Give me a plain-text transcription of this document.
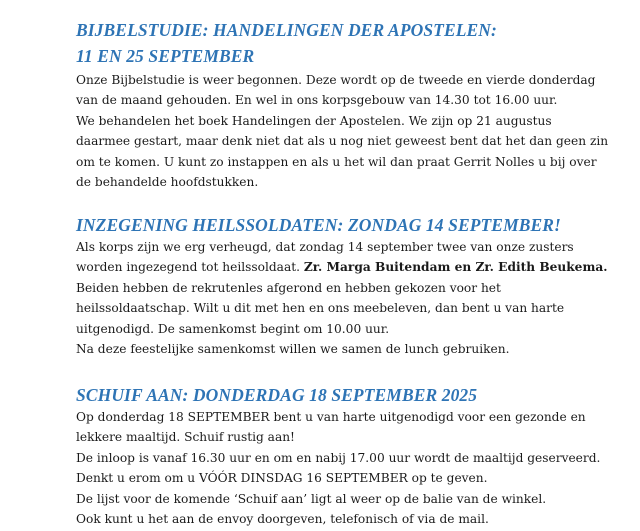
BIJBELSTUDIE: HANDELINGEN DER APOSTELEN:
11 EN 25 SEPTEMBER
Onze Bijbelstudie is weer begonnen. Deze wordt op de tweede en vierde donderdag
van de maand gehouden. En wel in ons korpsgebouw van 14.30 tot 16.00 uur.
We behandelen het boek Handelingen der Apostelen. We zijn op 21 augustus
daarmee gestart, maar denk niet dat als u nog niet geweest bent dat het dan geen zin
om te komen. U kunt zo instappen en als u het wil dan praat Gerrit Nolles u bij over
de behandelde hoofdstukken.
INZEGENING HEILSSOLDATEN: ZONDAG 14 SEPTEMBER!
Als korps zijn we erg verheugd, dat zondag 14 september twee van onze zusters
worden ingezegend tot heilssoldaat. Zr. Marga Buitendam en Zr. Edith Beukema.
Beiden hebben de rekrutenles afgerond en hebben gekozen voor het
heilssoldaatschap. Wilt u dit met hen en ons meebeleven, dan bent u van harte
uitgenodigd. De samenkomst begint om 10.00 uur.
Na deze feestelijke samenkomst willen we samen de lunch gebruiken.
SCHUIF AAN: DONDERDAG 18 SEPTEMBER 2025
Op donderdag 18 SEPTEMBER bent u van harte uitgenodigd voor een gezonde en
lekkere maaltijd. Schuif rustig aan!
De inloop is vanaf 16.30 uur en om en nabij 17.00 uur wordt de maaltijd geserveerd.
Denkt u erom om u VÓÓR DINSDAG 16 SEPTEMBER op te geven.
De lijst voor de komende ‘Schuif aan’ ligt al weer op de balie van de winkel.
Ook kunt u het aan de envoy doorgeven, telefonisch of via de mail.
